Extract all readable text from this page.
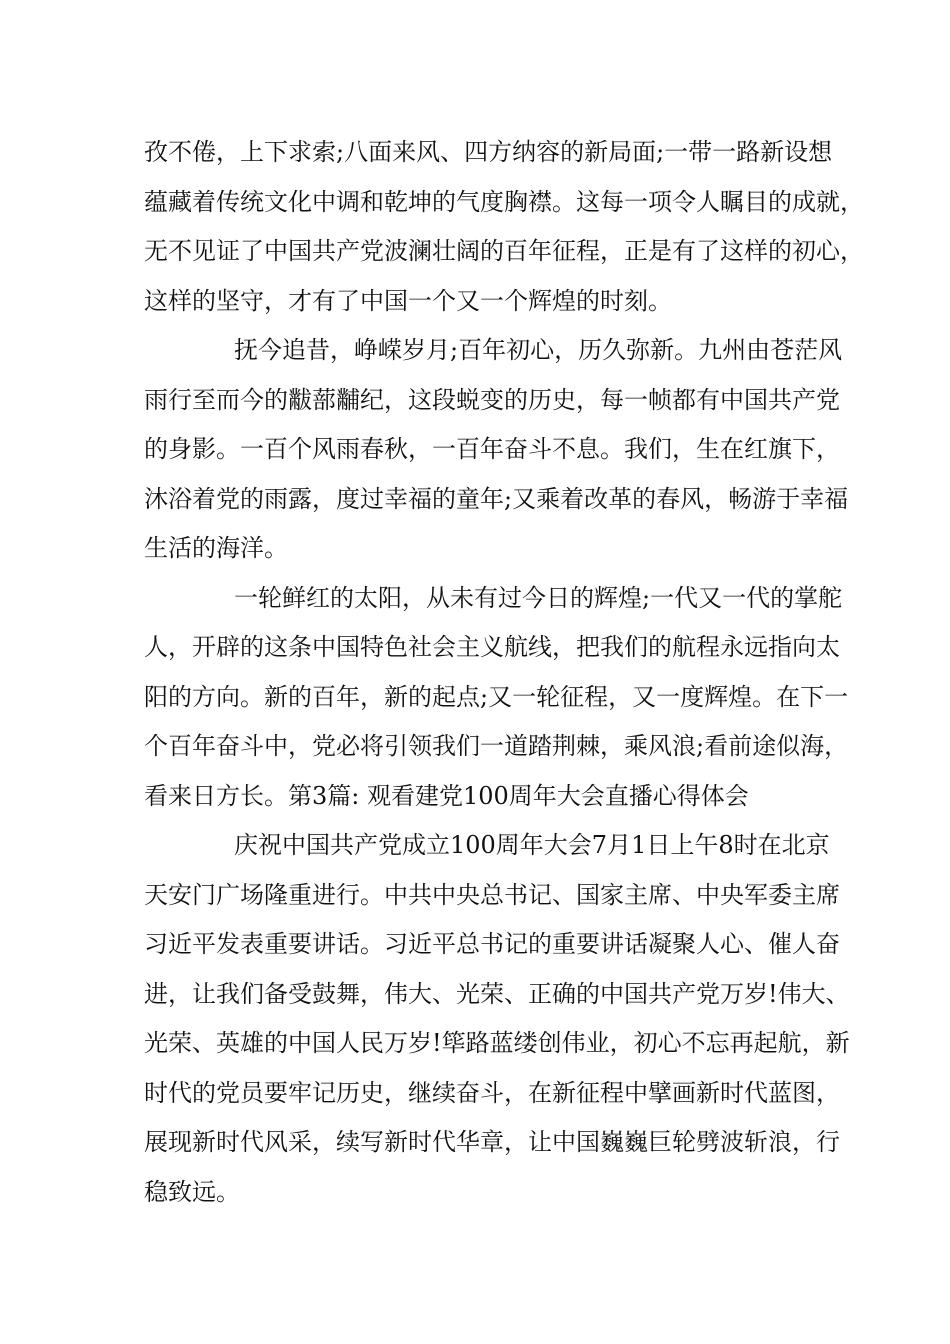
孜不倦，上下求索;八面来风、四方纳容的新局面;一带一路新设想
蕴藏着传统文化中调和乾坤的气度胸襟。这每一项令人瞩目的成就，
无不见证了中国共产党波澜壮阔的百年征程，正是有了这样的初心，
这样的坚守，才有了中国一个又一个辉煌的时刻。
抚今追昔，峥嵘岁月;百年初心，历久弥新。九州由苍茫风
雨行至而今的黻蔀黼纪，这段蜕变的历史，每一帧都有中国共产党
的身影。一百个风雨春秋，一百年奋斗不息。我们，生在红旗下，
沐浴着党的雨露，度过幸福的童年;又乘着改革的春风，畅游于幸福
生活的海洋。
一轮鲜红的太阳，从未有过今日的辉煌;一代又一代的掌舵
人，开辟的这条中国特色社会主义航线，把我们的航程永远指向太
阳的方向。新的百年，新的起点;又一轮征程，又一度辉煌。在下一
个百年奋斗中，党必将引领我们一道踏荆棘，乘风浪;看前途似海，
看来日方长。第3篇: 观看建党100周年大会直播心得体会
庆祝中国共产党成立100周年大会7月1日上午8时在北京
天安门广场隆重进行。中共中央总书记、国家主席、中央军委主席
习近平发表重要讲话。习近平总书记的重要讲话凝聚人心、催人奋
进，让我们备受鼓舞，伟大、光荣、正确的中国共产党万岁!伟大、
光荣、英雄的中国人民万岁!筚路蓝缕创伟业，初心不忘再起航，新
时代的党员要牢记历史，继续奋斗，在新征程中擘画新时代蓝图，
展现新时代风采，续写新时代华章，让中国巍巍巨轮劈波斩浪，行
稳致远。
